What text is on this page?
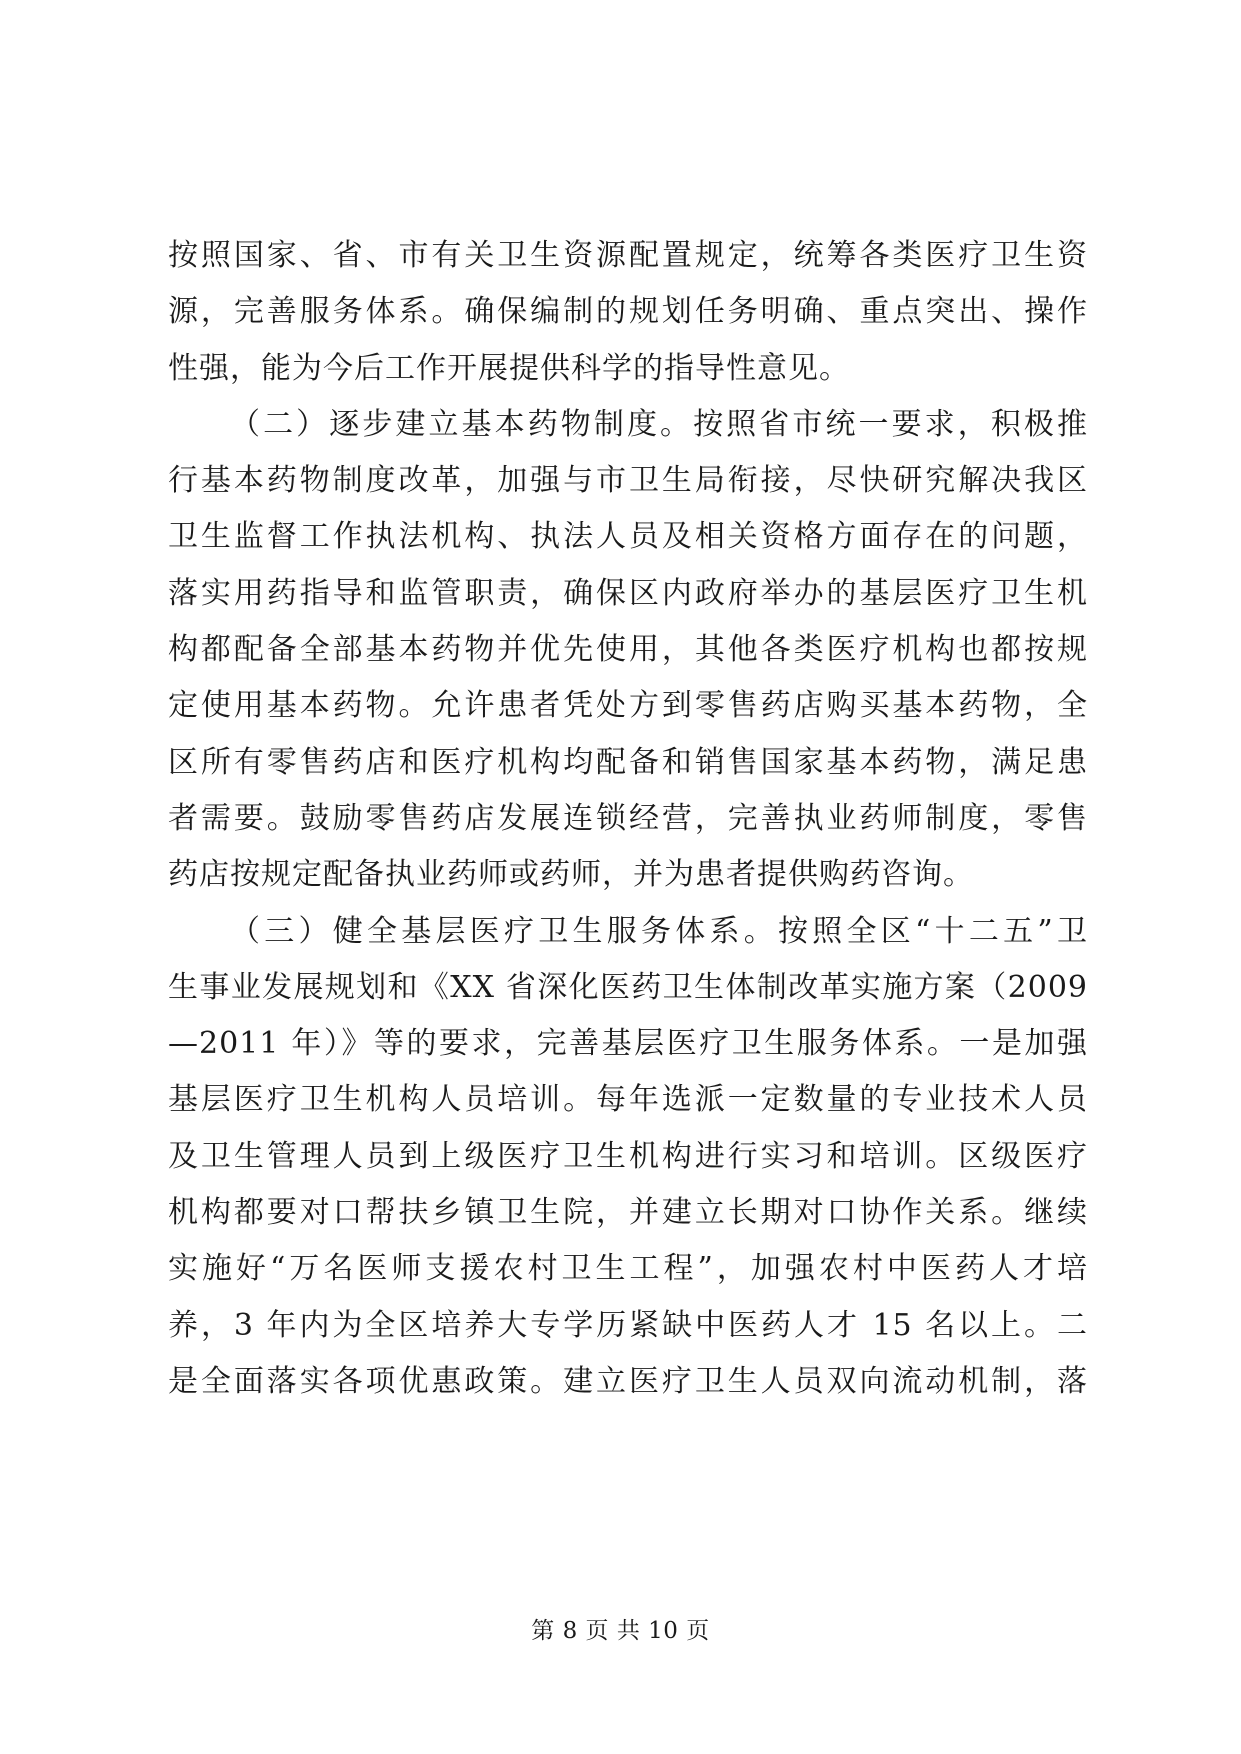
按照国家、省、市有关卫生资源配置规定，统筹各类医疗卫生资
源，完善服务体系。确保编制的规划任务明确、重点突出、操作
性强，能为今后工作开展提供科学的指导性意见。
（二）逐步建立基本药物制度。按照省市统一要求，积极推
行基本药物制度改革，加强与市卫生局衔接，尽快研究解决我区
卫生监督工作执法机构、执法人员及相关资格方面存在的问题，
落实用药指导和监管职责，确保区内政府举办的基层医疗卫生机
构都配备全部基本药物并优先使用，其他各类医疗机构也都按规
定使用基本药物。允许患者凭处方到零售药店购买基本药物，全
区所有零售药店和医疗机构均配备和销售国家基本药物，满足患
者需要。鼓励零售药店发展连锁经营，完善执业药师制度，零售
药店按规定配备执业药师或药师，并为患者提供购药咨询。
（三）健全基层医疗卫生服务体系。按照全区“十二五”卫
生事业发展规划和《XX 省深化医药卫生体制改革实施方案（2009
—2011 年）》等的要求，完善基层医疗卫生服务体系。一是加强
基层医疗卫生机构人员培训。每年选派一定数量的专业技术人员
及卫生管理人员到上级医疗卫生机构进行实习和培训。区级医疗
机构都要对口帮扶乡镇卫生院，并建立长期对口协作关系。继续
实施好“万名医师支援农村卫生工程”，加强农村中医药人才培
养，3 年内为全区培养大专学历紧缺中医药人才 15 名以上。二
是全面落实各项优惠政策。建立医疗卫生人员双向流动机制，落
第 8 页 共 10 页
